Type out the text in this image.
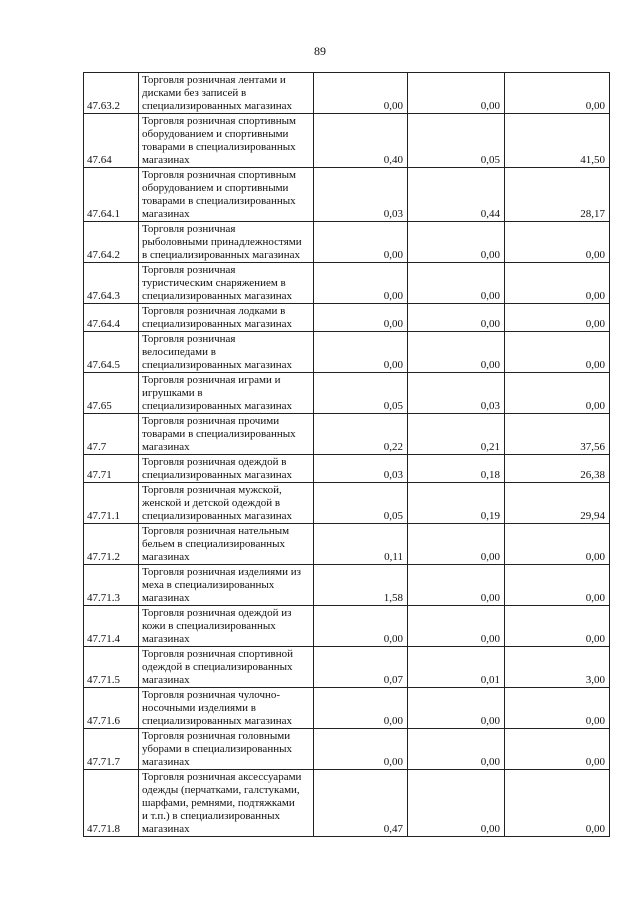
89
47.63.2	Торговля розничная лентами и
дисками без записей в
специализированных магазинах	0,00	0,00	0,00
47.64	Торговля розничная спортивным
оборудованием и спортивными
товарами в специализированных
магазинах	0,40	0,05	41,50
47.64.1	Торговля розничная спортивным
оборудованием и спортивными
товарами в специализированных
магазинах	0,03	0,44	28,17
47.64.2	Торговля розничная
рыболовными принадлежностями
в специализированных магазинах	0,00	0,00	0,00
47.64.3	Торговля розничная
туристическим снаряжением в
специализированных магазинах	0,00	0,00	0,00
47.64.4	Торговля розничная лодками в
специализированных магазинах	0,00	0,00	0,00
47.64.5	Торговля розничная
велосипедами в
специализированных магазинах	0,00	0,00	0,00
47.65	Торговля розничная играми и
игрушками в
специализированных магазинах	0,05	0,03	0,00
47.7	Торговля розничная прочими
товарами в специализированных
магазинах	0,22	0,21	37,56
47.71	Торговля розничная одеждой в
специализированных магазинах	0,03	0,18	26,38
47.71.1	Торговля розничная мужской,
женской и детской одеждой в
специализированных магазинах	0,05	0,19	29,94
47.71.2	Торговля розничная нательным
бельем в специализированных
магазинах	0,11	0,00	0,00
47.71.3	Торговля розничная изделиями из
меха в специализированных
магазинах	1,58	0,00	0,00
47.71.4	Торговля розничная одеждой из
кожи в специализированных
магазинах	0,00	0,00	0,00
47.71.5	Торговля розничная спортивной
одеждой в специализированных
магазинах	0,07	0,01	3,00
47.71.6	Торговля розничная чулочно-носочными изделиями в специализированных магазинах	0,00	0,00	0,00
47.71.7	Торговля розничная головными
уборами в специализированных
магазинах	0,00	0,00	0,00
47.71.8	Торговля розничная аксессуарами
одежды (перчатками, галстуками,
шарфами, ремнями, подтяжками
и т.п.) в специализированных
магазинах	0,47	0,00	0,00
